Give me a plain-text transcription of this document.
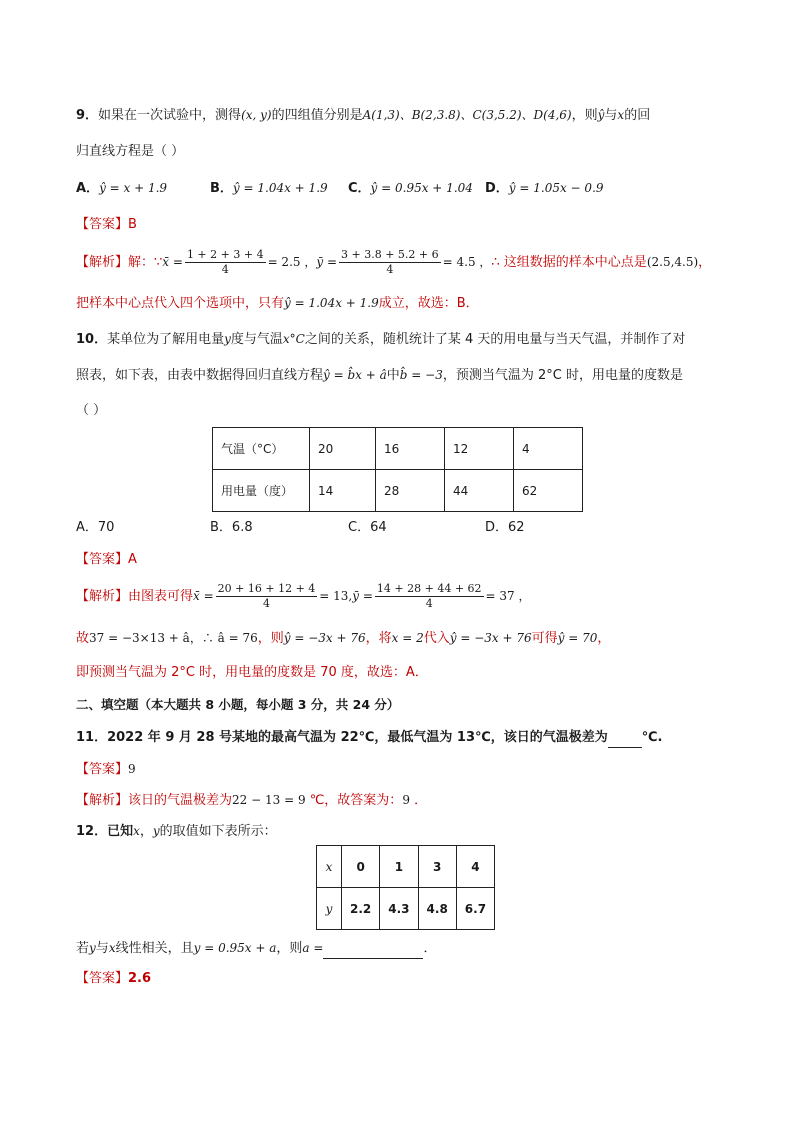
9．如果在一次试验中，测得(x, y)的四组值分别是A(1,3)、B(2,3.8)、C(3,5.2)、D(4,6)，则ŷ与x的回
归直线方程是（ ）
A．ŷ = x + 1.9	B．ŷ = 1.04x + 1.9 C．ŷ = 0.95x + 1.04 D．ŷ = 1.05x − 0.9
【答案】B
【解析】解：∵x̄ = $\frac{1 + 2 + 3 + 4}{4} = 2.5$ ，ȳ = $\frac{3 + 3.8 + 5.2 + 6}{4} = 4.5$ ，∴ 这组数据的样本中心点是(2.5,4.5)，
把样本中心点代入四个选项中，只有ŷ = 1.04x + 1.9成立，故选：B．
10．某单位为了解用电量y度与气温x°C之间的关系，随机统计了某 4 天的用电量与当天气温，并制作了对
照表，如下表，由表中数据得回归直线方程ŷ = b̂x + â中b̂ = −3，预测当气温为 2°C 时，用电量的度数是
（ ）
气温（°C）	20	16	12	4
用电量（度）	14	28	44	62
A．70	B．6.8	C．64	D．62
【答案】A
【解析】由图表可得x̄ = $\frac{20 + 16 + 12 + 4}{4}$ = 13,ȳ = $\frac{14 + 28 + 44 + 62}{4} = 37$ ，
故37 = −3×13 + â，∴ â = 76，则ŷ = −3x + 76，将x = 2代入ŷ = −3x + 76可得ŷ = 70，
即预测当气温为 2°C 时，用电量的度数是 70 度，故选：A．
二、填空题（本大题共 8 小题，每小题 3 分，共 24 分）
11．2022 年 9 月 28 号某地的最高气温为 22℃，最低气温为 13℃，该日的气温极差为	℃.
【答案】9
【解析】该日的气温极差为22 − 13 = 9 ℃，故答案为：9 ．
12．已知x，y的取值如下表所示：
x	0	1	3	4
y	2.2	4.3	4.8	6.7
若y与x线性相关，且y = 0.95x + a，则a =	．
【答案】2.6
